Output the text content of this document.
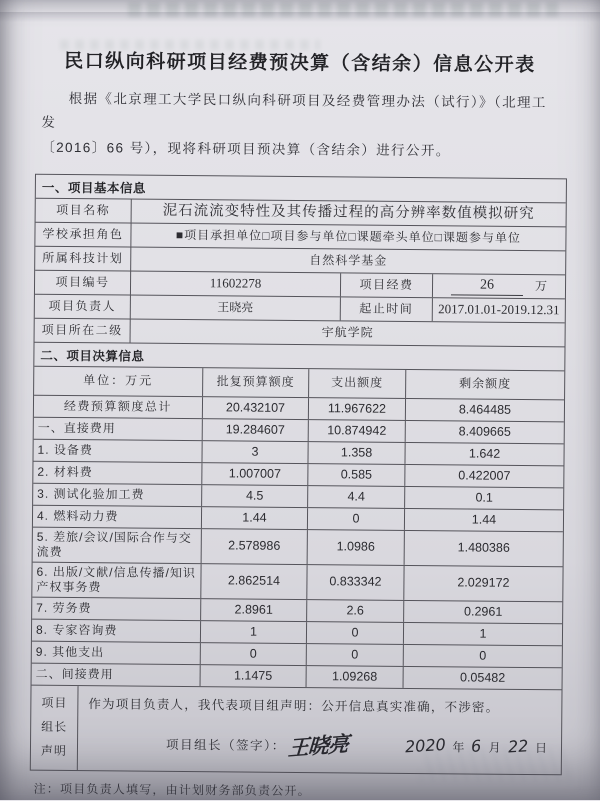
民口纵向科研项目经费预决算（含结余）信息公开表
根据《北京理工大学民口纵向科研项目及经费管理办法（试行）》（北理工发
〔2016〕66 号），现将科研项目预决算（含结余）进行公开。
一、项目基本信息
项目名称	泥石流流变特性及其传播过程的高分辨率数值模拟研究
学校承担角色	■项目承担单位□项目参与单位□课题牵头单位□课题参与单位
所属科技计划	自然科学基金
项目编号	11602278	项目经费	26	万
项目负责人	王晓亮	起止时间	2017.01.01-2019.12.31
项目所在二级	宇航学院
二、项目决算信息
单位：万元	批复预算额度	支出额度	剩余额度
经费预算额度总计	20.432107	11.967622	8.464485
一、直接费用	19.284607	10.874942	8.409665
1. 设备费	3	1.358	1.642
2. 材料费	1.007007	0.585	0.422007
3. 测试化验加工费	4.5	4.4	0.1
4. 燃料动力费	1.44	0	1.44
5. 差旅/会议/国际合作与交流费	2.578986	1.0986	1.480386
6. 出版/文献/信息传播/知识产权事务费	2.862514	0.833342	2.029172
7. 劳务费	2.8961	2.6	0.2961
8. 专家咨询费	1	0	1
9. 其他支出	0	0	0
二、间接费用	1.1475	1.09268	0.05482
项目
组长
声明
作为项目负责人，我代表项目组声明：公开信息真实准确，不涉密。
项目组长（签字）： 王晓亮	2020 年 6 月 22 日
注：项目负责人填写，由计划财务部负责公开。
